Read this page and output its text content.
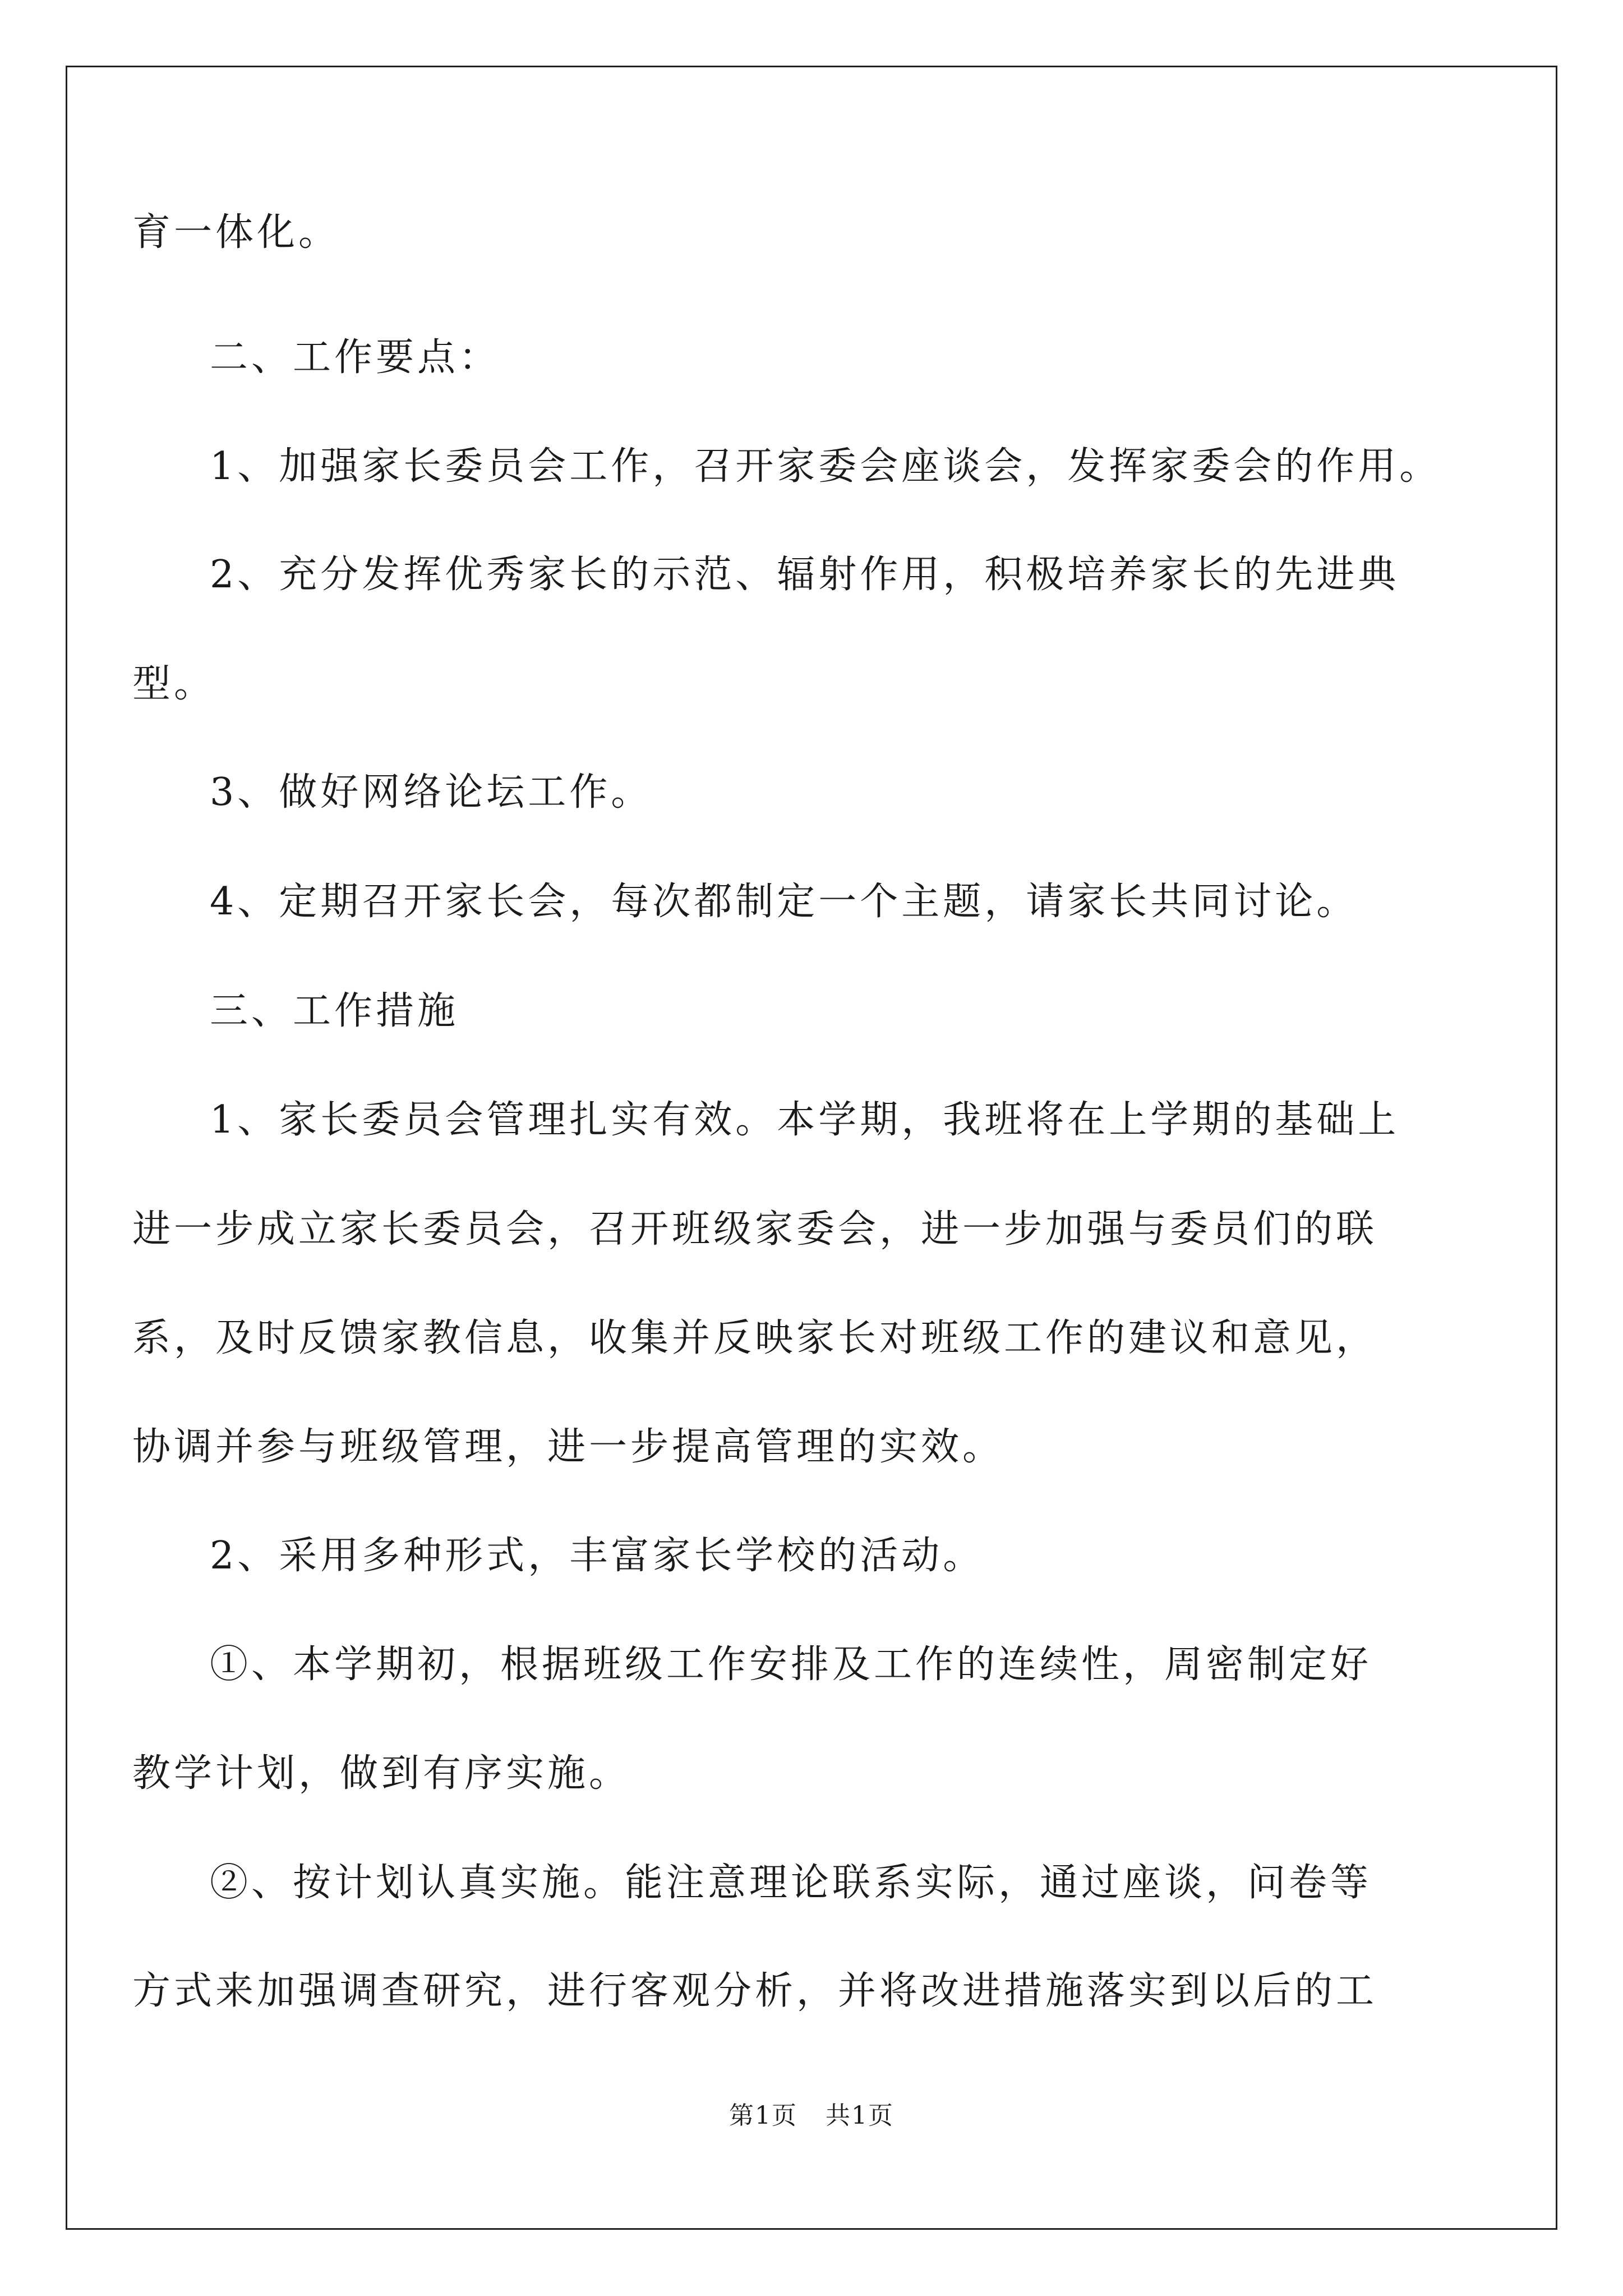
育一体化。
二、工作要点：
1、加强家长委员会工作，召开家委会座谈会，发挥家委会的作用。
2、充分发挥优秀家长的示范、辐射作用，积极培养家长的先进典
型。
3、做好网络论坛工作。
4、定期召开家长会，每次都制定一个主题，请家长共同讨论。
三、工作措施
1、家长委员会管理扎实有效。本学期，我班将在上学期的基础上
进一步成立家长委员会，召开班级家委会，进一步加强与委员们的联
系，及时反馈家教信息，收集并反映家长对班级工作的建议和意见，
协调并参与班级管理，进一步提高管理的实效。
2、采用多种形式，丰富家长学校的活动。
①、本学期初，根据班级工作安排及工作的连续性，周密制定好
教学计划，做到有序实施。
②、按计划认真实施。能注意理论联系实际，通过座谈，问卷等
方式来加强调查研究，进行客观分析，并将改进措施落实到以后的工
第1页 共1页
